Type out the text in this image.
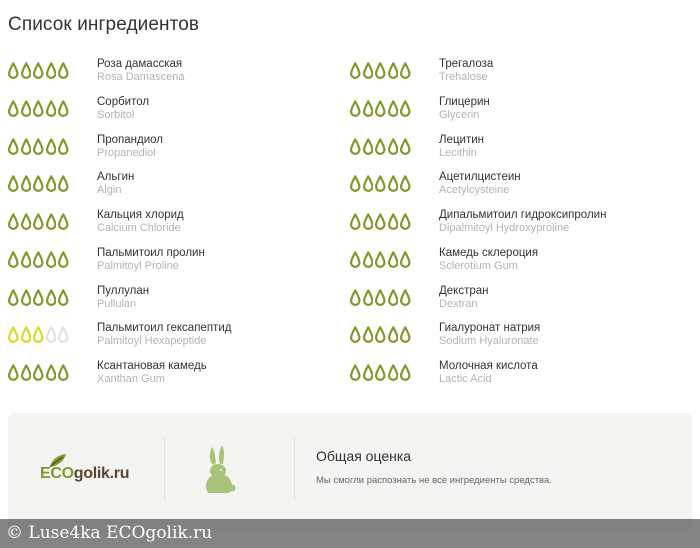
Список ингредиентов
Роза дамасская
Rosa Damascena
Трегалоза
Trehalose
Сорбитол
Sorbitol
Глицерин
Glycerin
Пропандиол
Propanediol
Лецитин
Lecithin
Альгин
Algin
Ацетилцистеин
Acetylcysteine
Кальция хлорид
Calcium Chloride
Дипальмитоил гидроксипролин
Dipalmitoyl Hydroxyproline
Пальмитоил пролин
Palmitoyl Proline
Камедь склероция
Sclerotium Gum
Пуллулан
Pullulan
Декстран
Dextran
Пальмитоил гексапептид
Palmitoyl Hexapeptide
Гиалуронат натрия
Sodium Hyaluronate
Ксантановая камедь
Xanthan Gum
Молочная кислота
Lactic Acid
ECOgolik.ru
Общая оценка
Мы смогли распознать не все ингредиенты средства.
© Luse4ka ECOgolik.ru
